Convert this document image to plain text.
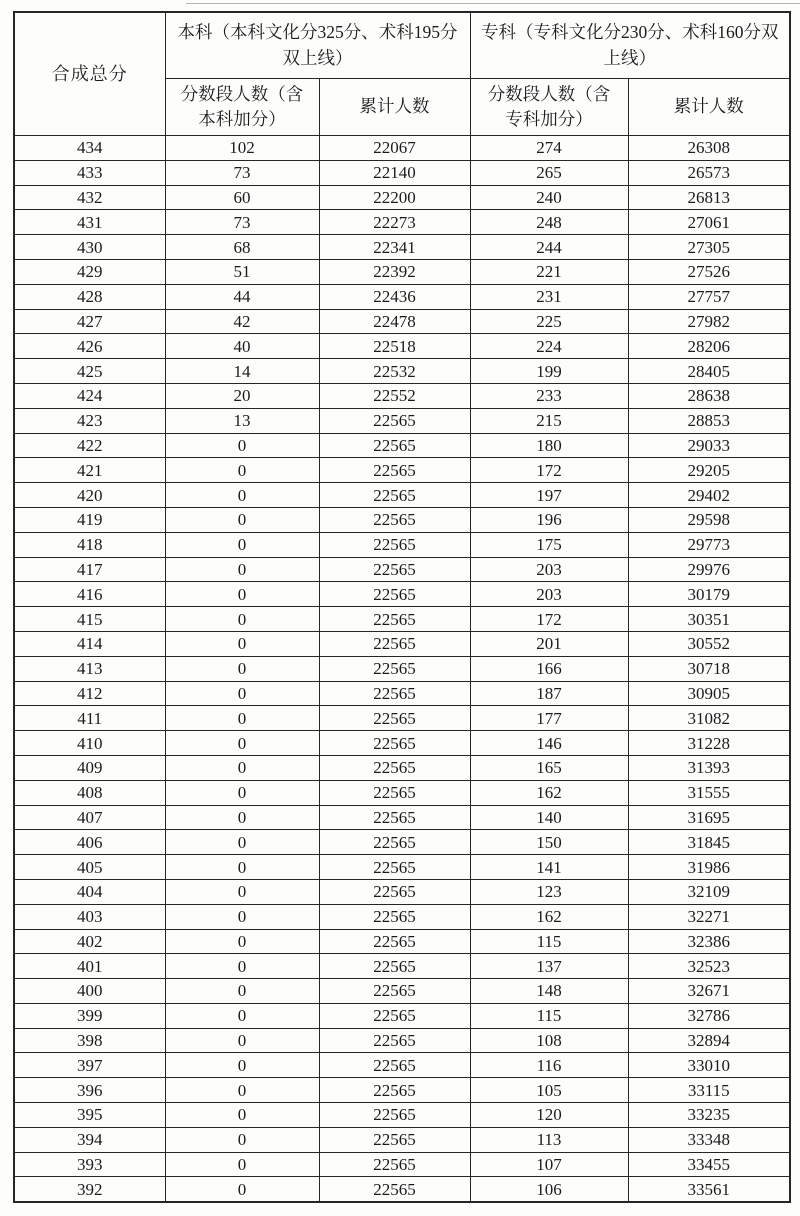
合成总分	本科（本科文化分325分、术科195分双上线）		专科（专科文化分230分、术科160分双上线）	
	分数段人数（含本科加分）	累计人数	分数段人数（含专科加分）	累计人数
434	102	22067	274	26308
433	73	22140	265	26573
432	60	22200	240	26813
431	73	22273	248	27061
430	68	22341	244	27305
429	51	22392	221	27526
428	44	22436	231	27757
427	42	22478	225	27982
426	40	22518	224	28206
425	14	22532	199	28405
424	20	22552	233	28638
423	13	22565	215	28853
422	0	22565	180	29033
421	0	22565	172	29205
420	0	22565	197	29402
419	0	22565	196	29598
418	0	22565	175	29773
417	0	22565	203	29976
416	0	22565	203	30179
415	0	22565	172	30351
414	0	22565	201	30552
413	0	22565	166	30718
412	0	22565	187	30905
411	0	22565	177	31082
410	0	22565	146	31228
409	0	22565	165	31393
408	0	22565	162	31555
407	0	22565	140	31695
406	0	22565	150	31845
405	0	22565	141	31986
404	0	22565	123	32109
403	0	22565	162	32271
402	0	22565	115	32386
401	0	22565	137	32523
400	0	22565	148	32671
399	0	22565	115	32786
398	0	22565	108	32894
397	0	22565	116	33010
396	0	22565	105	33115
395	0	22565	120	33235
394	0	22565	113	33348
393	0	22565	107	33455
392	0	22565	106	33561
